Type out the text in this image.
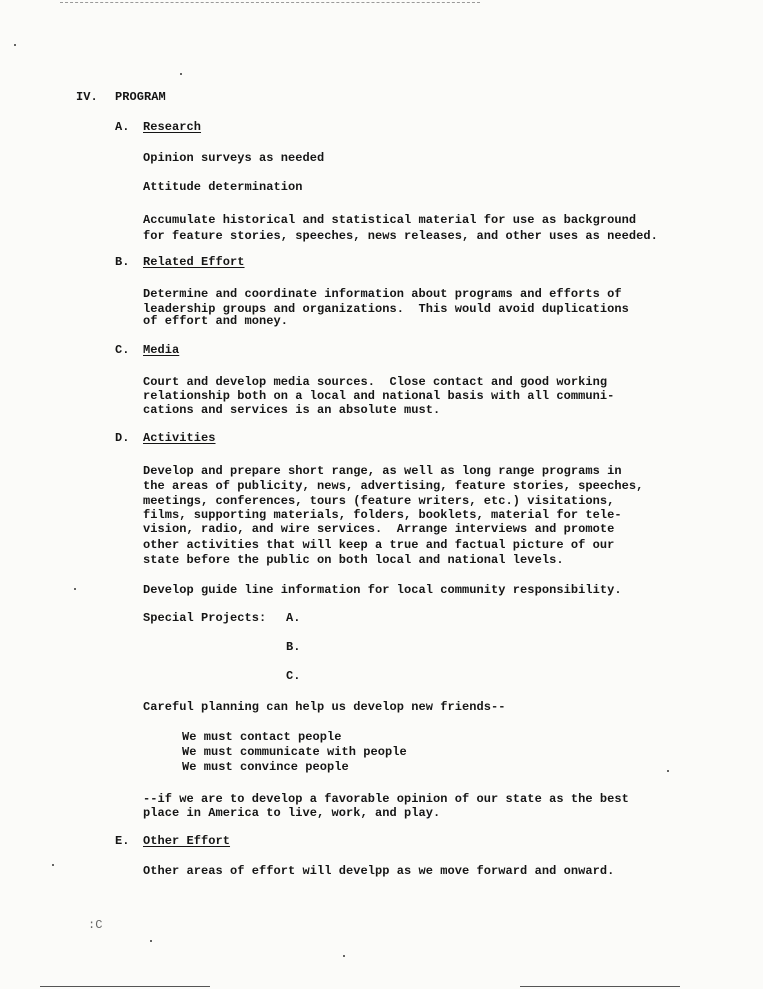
IV. PROGRAM
A. Research
Opinion surveys as needed
Attitude determination
Accumulate historical and statistical material for use as background
for feature stories, speeches, news releases, and other uses as needed.
B. Related Effort
Determine and coordinate information about programs and efforts of
leadership groups and organizations.  This would avoid duplications
of effort and money.
C. Media
Court and develop media sources.  Close contact and good working
relationship both on a local and national basis with all communi-
cations and services is an absolute must.
D. Activities
Develop and prepare short range, as well as long range programs in
the areas of publicity, news, advertising, feature stories, speeches,
meetings, conferences, tours (feature writers, etc.) visitations,
films, supporting materials, folders, booklets, material for tele-
vision, radio, and wire services.  Arrange interviews and promote
other activities that will keep a true and factual picture of our
state before the public on both local and national levels.
Develop guide line information for local community responsibility.
Special Projects: A.
B.
C.
Careful planning can help us develop new friends--
We must contact people
We must communicate with people
We must convince people
--if we are to develop a favorable opinion of our state as the best
place in America to live, work, and play.
E. Other Effort
Other areas of effort will develpp as we move forward and onward.
:C
